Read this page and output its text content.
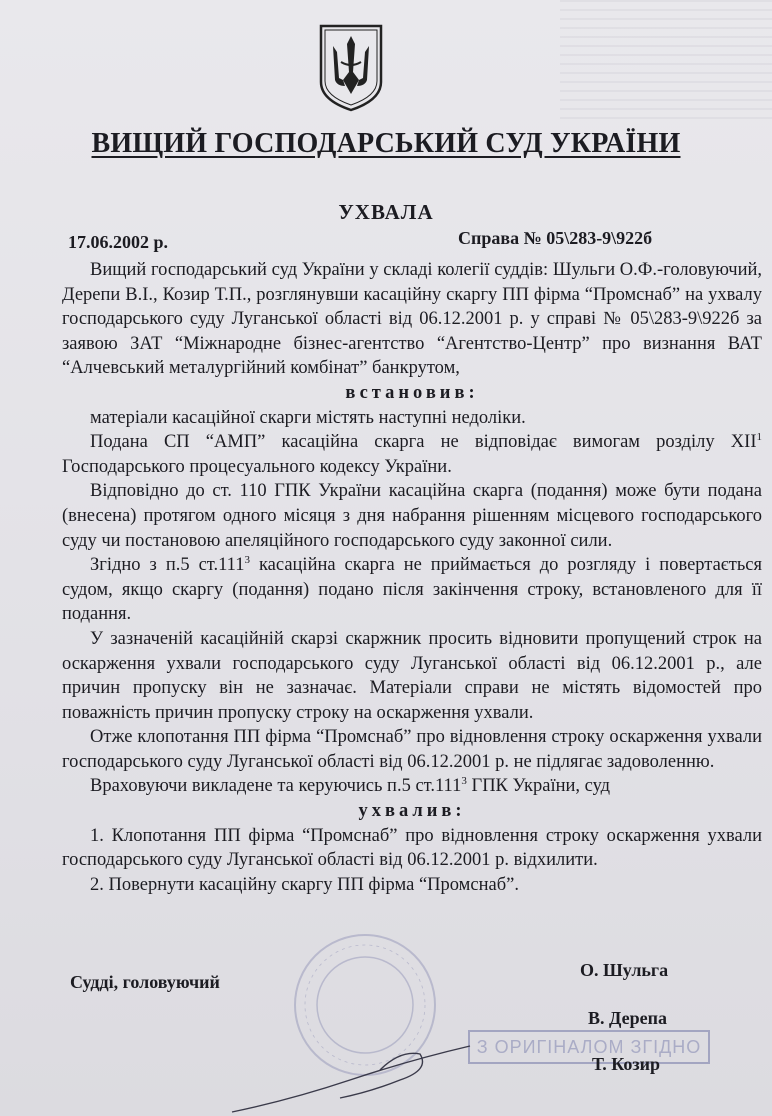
ВИЩИЙ ГОСПОДАРСЬКИЙ СУД УКРАЇНИ
УХВАЛА
17.06.2002 р.	Справа № 05\283-9\922б

Вищий господарський суд України у складі колегії суддів: Шульги О.Ф.-головуючий, Дерепи В.І., Козир Т.П., розглянувши касаційну скаргу ПП фірма “Промснаб” на ухвалу господарського суду Луганської області від 06.12.2001 р. у справі № 05\283-9\922б за заявою ЗАТ “Міжнародне бізнес-агентство “Агентство-Центр” про визнання ВАТ “Алчевський металургійний комбінат” банкрутом,

встановив:

матеріали касаційної скарги містять наступні недоліки.

Подана СП “АМП” касаційна скарга не відповідає вимогам розділу XII$^1$ Господарського процесуального кодексу України.

Відповідно до ст. 110 ГПК України касаційна скарга (подання) може бути подана (внесена) протягом одного місяця з дня набрання рішенням місцевого господарського суду чи постановою апеляційного господарського суду законної сили.

Згідно з п.5 ст.111$^3$ касаційна скарга не приймається до розгляду і повертається судом, якщо скаргу (подання) подано після закінчення строку, встановленого для її подання.

У зазначеній касаційній скарзі скаржник просить відновити пропущений строк на оскарження ухвали господарського суду Луганської області від 06.12.2001 р., але причин пропуску він не зазначає. Матеріали справи не містять відомостей про поважність причин пропуску строку на оскарження ухвали.

Отже клопотання ПП фірма “Промснаб” про відновлення строку оскарження ухвали господарського суду Луганської області від 06.12.2001 р. не підлягає задоволенню.

Враховуючи викладене та керуючись п.5 ст.111$^3$ ГПК України, суд

ухвалив:

1. Клопотання ПП фірма “Промснаб” про відновлення строку оскарження ухвали господарського суду Луганської області від 06.12.2001 р. відхилити.

2. Повернути касаційну скаргу ПП фірма “Промснаб”.

Судді, головуючий
З ОРИГІНАЛОМ ЗГІДНО
О. Шульга
В. Дерепа
Т. Козир
